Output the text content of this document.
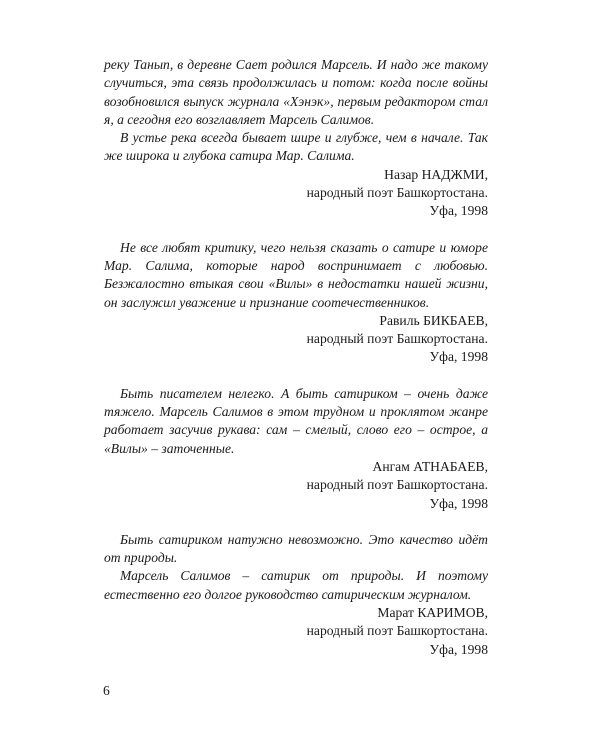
реку Танып, в деревне Сает родился Марсель. И надо же такому случиться, эта связь продолжилась и потом: когда после войны возобновился выпуск журнала «Хэнэк», первым редактором стал я, а сегодня его возглавляет Марсель Салимов.

В устье река всегда бывает шире и глубже, чем в начале. Так же широка и глубока сатира Мар. Салима.

Назар НАДЖМИ,
народный поэт Башкортостана.
Уфа, 1998

Не все любят критику, чего нельзя сказать о сатире и юморе Мар. Салима, которые народ воспринимает с любовью. Безжалостно втыкая свои «Вилы» в недостатки нашей жизни, он заслужил уважение и признание соотечественников.

Равиль БИКБАЕВ,
народный поэт Башкортостана.
Уфа, 1998

Быть писателем нелегко. А быть сатириком – очень даже тяжело. Марсель Салимов в этом трудном и проклятом жанре работает засучив рукава: сам – смелый, слово его – острое, а «Вилы» – заточенные.

Ангам АТНАБАЕВ,
народный поэт Башкортостана.
Уфа, 1998

Быть сатириком натужно невозможно. Это качество идёт от природы.

Марсель Салимов – сатирик от природы. И поэтому естественно его долгое руководство сатирическим журналом.

Марат КАРИМОВ,
народный поэт Башкортостана.
Уфа, 1998
6
